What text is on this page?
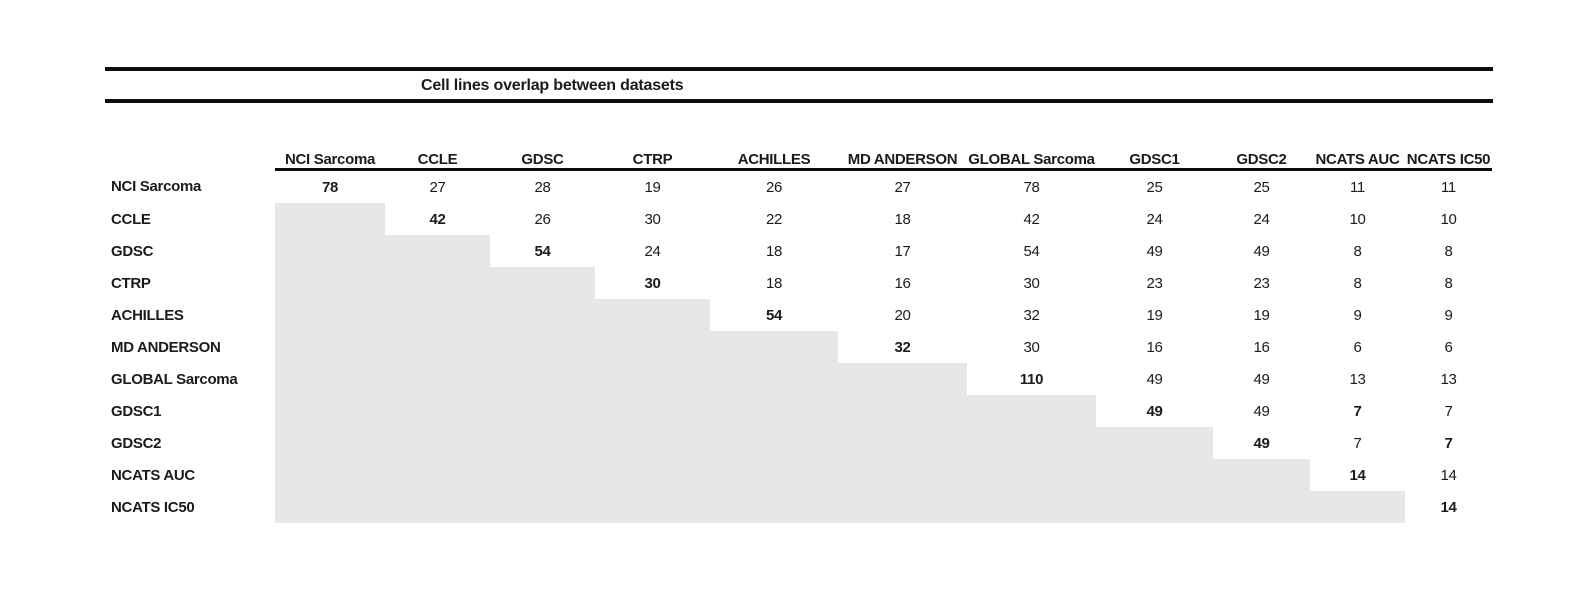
Cell lines overlap between datasets
	NCI Sarcoma	CCLE	GDSC	CTRP	ACHILLES	MD ANDERSON	GLOBAL Sarcoma	GDSC1	GDSC2	NCATS AUC	NCATS IC50
NCI Sarcoma	78	27	28	19	26	27	78	25	25	11	11
CCLE		42	26	30	22	18	42	24	24	10	10
GDSC			54	24	18	17	54	49	49	8	8
CTRP				30	18	16	30	23	23	8	8
ACHILLES					54	20	32	19	19	9	9
MD ANDERSON						32	30	16	16	6	6
GLOBAL Sarcoma							110	49	49	13	13
GDSC1								49	49	7	7
GDSC2									49	7	7
NCATS AUC										14	14
NCATS IC50											14
